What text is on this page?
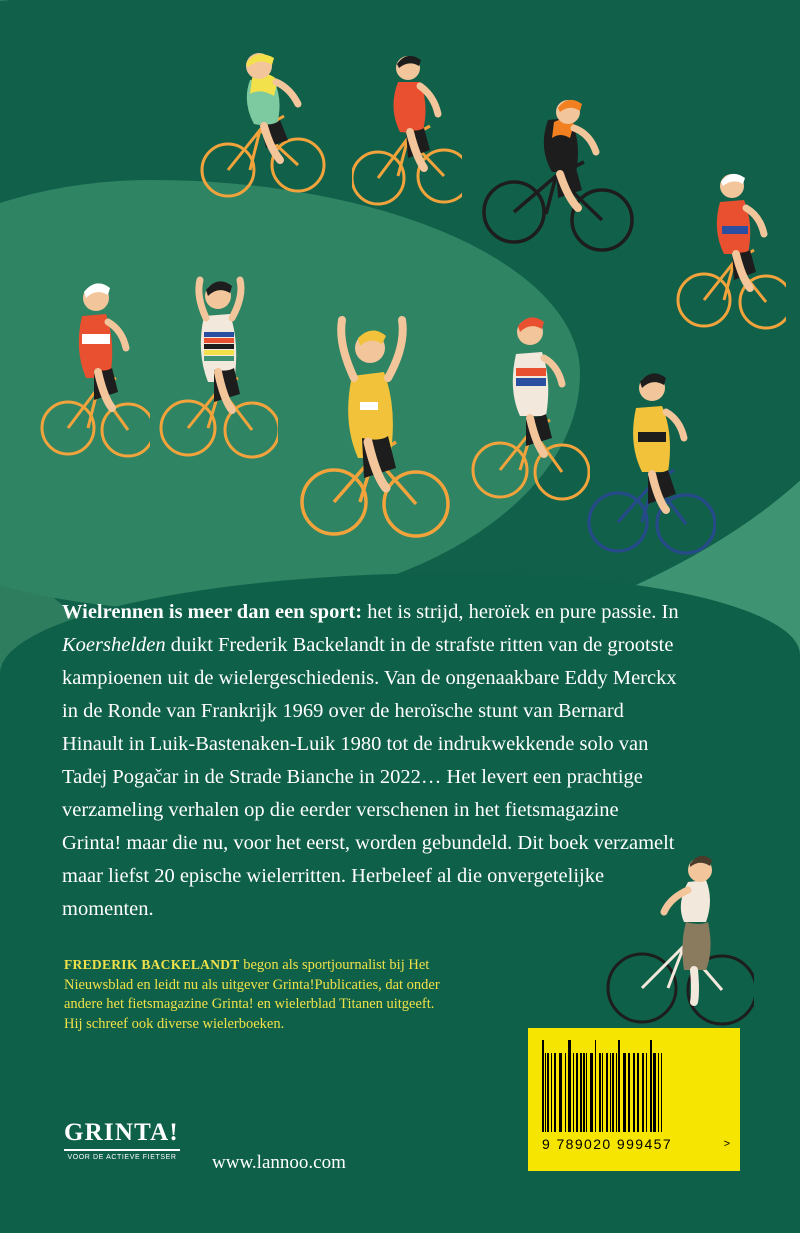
Wielrennen is meer dan een sport: het is strijd, heroïek en pure passie. In Koershelden duikt Frederik Backelandt in de strafste ritten van de grootste kampioenen uit de wielergeschiedenis. Van de ongenaakbare Eddy Merckx in de Ronde van Frankrijk 1969 over de heroïsche stunt van Bernard Hinault in Luik-Bastenaken-Luik 1980 tot de indrukwekkende solo van Tadej Pogačar in de Strade Bianche in 2022… Het levert een prachtige verzameling verhalen op die eerder verschenen in het fietsmagazine Grinta! maar die nu, voor het eerst, worden gebundeld. Dit boek verzamelt maar liefst 20 epische wielerritten. Herbeleef al die onvergetelijke momenten.
FREDERIK BACKELANDT begon als sportjournalist bij Het Nieuwsblad en leidt nu als uitgever Grinta!Publicaties, dat onder andere het fietsmagazine Grinta! en wielerblad Titanen uitgeeft. Hij schreef ook diverse wielerboeken.
GRINTA!
VOOR DE ACTIEVE FIETSER www.lannoo.com
9 789020 999457	>
